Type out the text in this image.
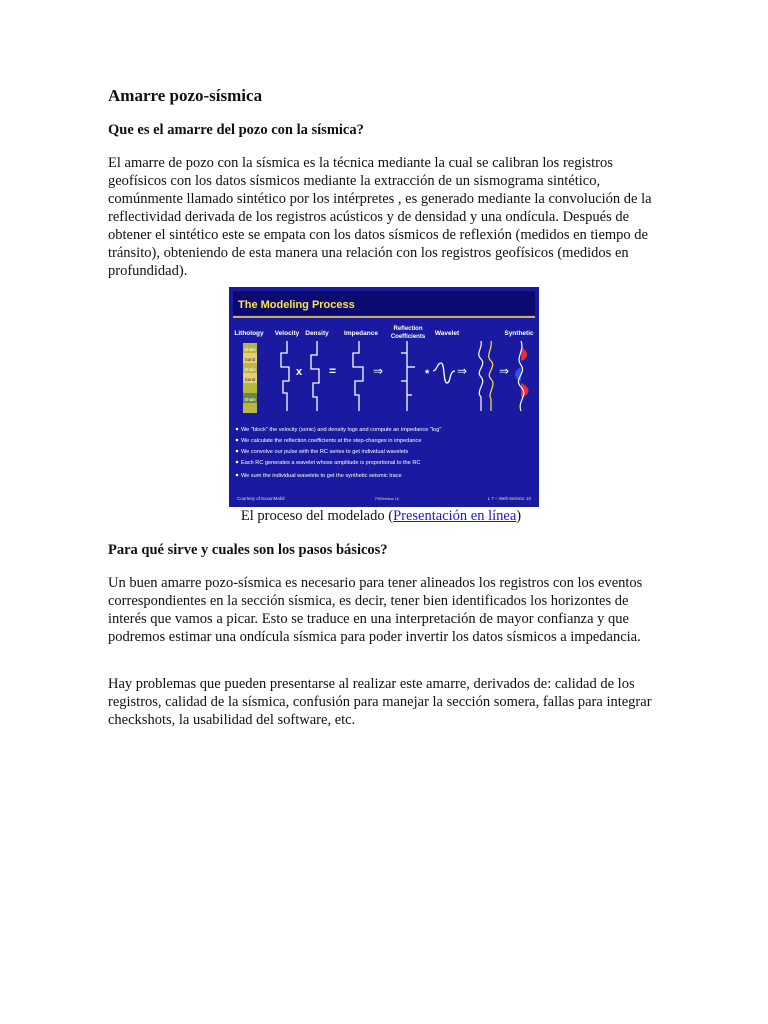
Amarre pozo-sísmica

Que es el amarre del pozo con la sísmica?

El amarre de pozo con la sísmica es la técnica mediante la cual se calibran los registros geofísicos con los datos sísmicos mediante la extracción de un sismograma sintético, comúnmente llamado sintético por los intérpretes , es generado mediante la convolución de la reflectividad derivada de los registros acústicos y de densidad y una ondícula. Después de obtener el sintético este se empata con los datos sísmicos de reflexión (medidos en tiempo de tránsito), obteniendo de esta manera una relación con los registros geofísicos (medidos en profundidad).

The Modeling Process
Lithology Velocity Density Impedance
Reflection
Coefficients Wavelet	Synthetic
Shale
Sand
Shale
Sand
Shale
x =	⇒	* ⇒	⇒
We "block" the velocity (sonic) and density logs and compute an impedance "log"
We calculate the reflection coefficients at the step-changes in impedance
We convolve our pulse with the RC series to get individual wavelets
Each RC generates a wavelet whose amplitude is proportional to the RC
We sum the individual wavelets to get the synthetic seismic trace
Courtesy of ExxonMobil	PNStrenlow 16	L 7 – Well-Seismic 10

El proceso del modelado (Presentación en línea)

Para qué sirve y cuales son los pasos básicos?

Un buen amarre pozo-sísmica es necesario para tener alineados los registros con los eventos correspondientes en la sección sísmica, es decir, tener bien identificados los horizontes de interés que vamos a picar. Esto se traduce en una interpretación de mayor confianza y que podremos estimar una ondícula sísmica para poder invertir los datos sísmicos a impedancia.

Hay problemas que pueden presentarse al realizar este amarre, derivados de: calidad de los registros, calidad de la sísmica, confusión para manejar la sección somera, fallas para integrar checkshots, la usabilidad del software, etc.
